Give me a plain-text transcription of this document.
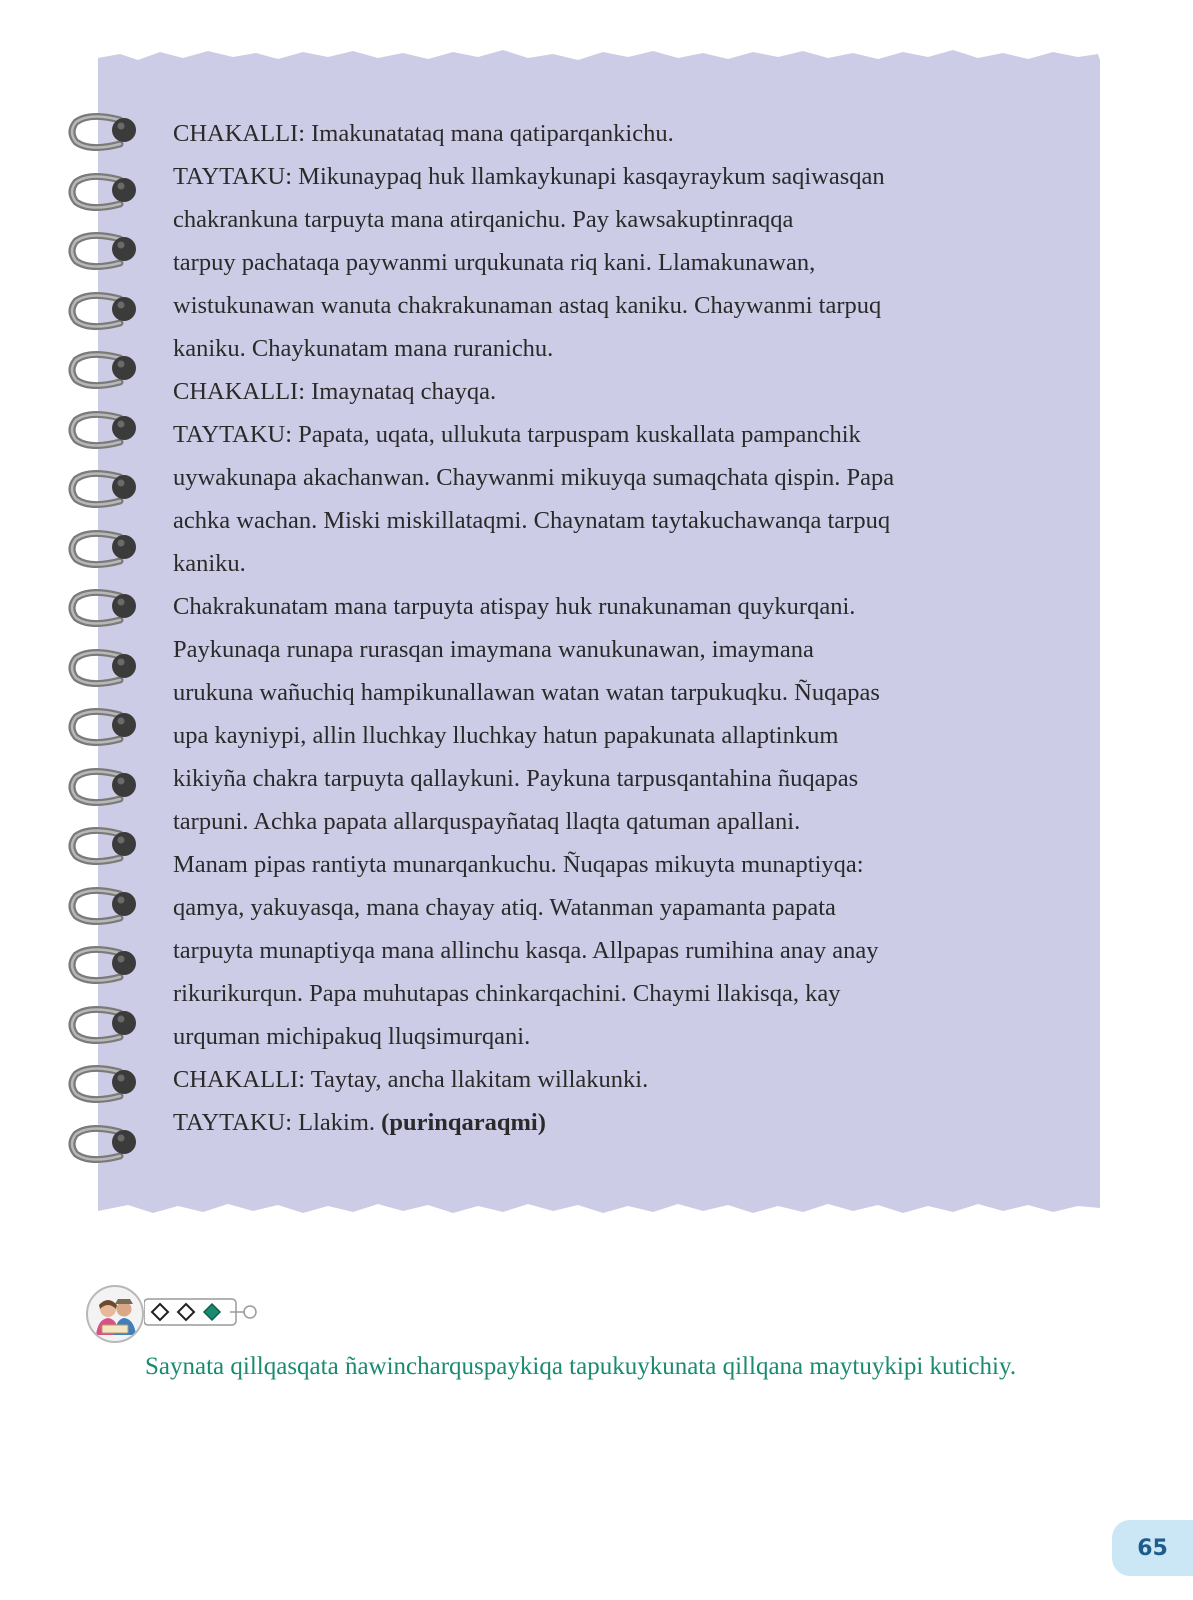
CHAKALLI: Imakunatataq mana qatiparqankichu.
TAYTAKU: Mikunaypaq huk llamkaykunapi kasqayraykum saqiwasqan
chakrankuna tarpuyta mana atirqanichu. Pay kawsakuptinraqqa
tarpuy pachataqa paywanmi urqukunata riq kani. Llamakunawan,
wistukunawan wanuta chakrakunaman astaq kaniku. Chaywanmi tarpuq
kaniku. Chaykunatam mana ruranichu.
CHAKALLI: Imaynataq chayqa.
TAYTAKU: Papata, uqata, ullukuta tarpuspam kuskallata pampanchik
uywakunapa akachanwan. Chaywanmi mikuyqa sumaqchata qispin. Papa
achka wachan. Miski miskillataqmi. Chaynatam taytakuchawanqa tarpuq
kaniku.
Chakrakunatam mana tarpuyta atispay huk runakunaman quykurqani.
Paykunaqa runapa rurasqan imaymana wanukunawan, imaymana
urukuna wañuchiq hampikunallawan watan watan tarpukuqku. Ñuqapas
upa kayniypi, allin lluchkay lluchkay hatun papakunata allaptinkum
kikiyña chakra tarpuyta qallaykuni. Paykuna tarpusqantahina ñuqapas
tarpuni. Achka papata allarquspayñataq llaqta qatuman apallani.
Manam pipas rantiyta munarqankuchu. Ñuqapas mikuyta munaptiyqa:
qamya, yakuyasqa, mana chayay atiq. Watanman yapamanta papata
tarpuyta munaptiyqa mana allinchu kasqa. Allpapas rumihina anay anay
rikurikurqun. Papa muhutapas chinkarqachini. Chaymi llakisqa, kay
urquman michipakuq lluqsimurqani.
CHAKALLI: Taytay, ancha llakitam willakunki.
TAYTAKU: Llakim. (purinqaraqmi)
Saynata qillqasqata ñawincharquspaykiqa tapukuykunata qillqana maytuykipi kutichiy.
65
